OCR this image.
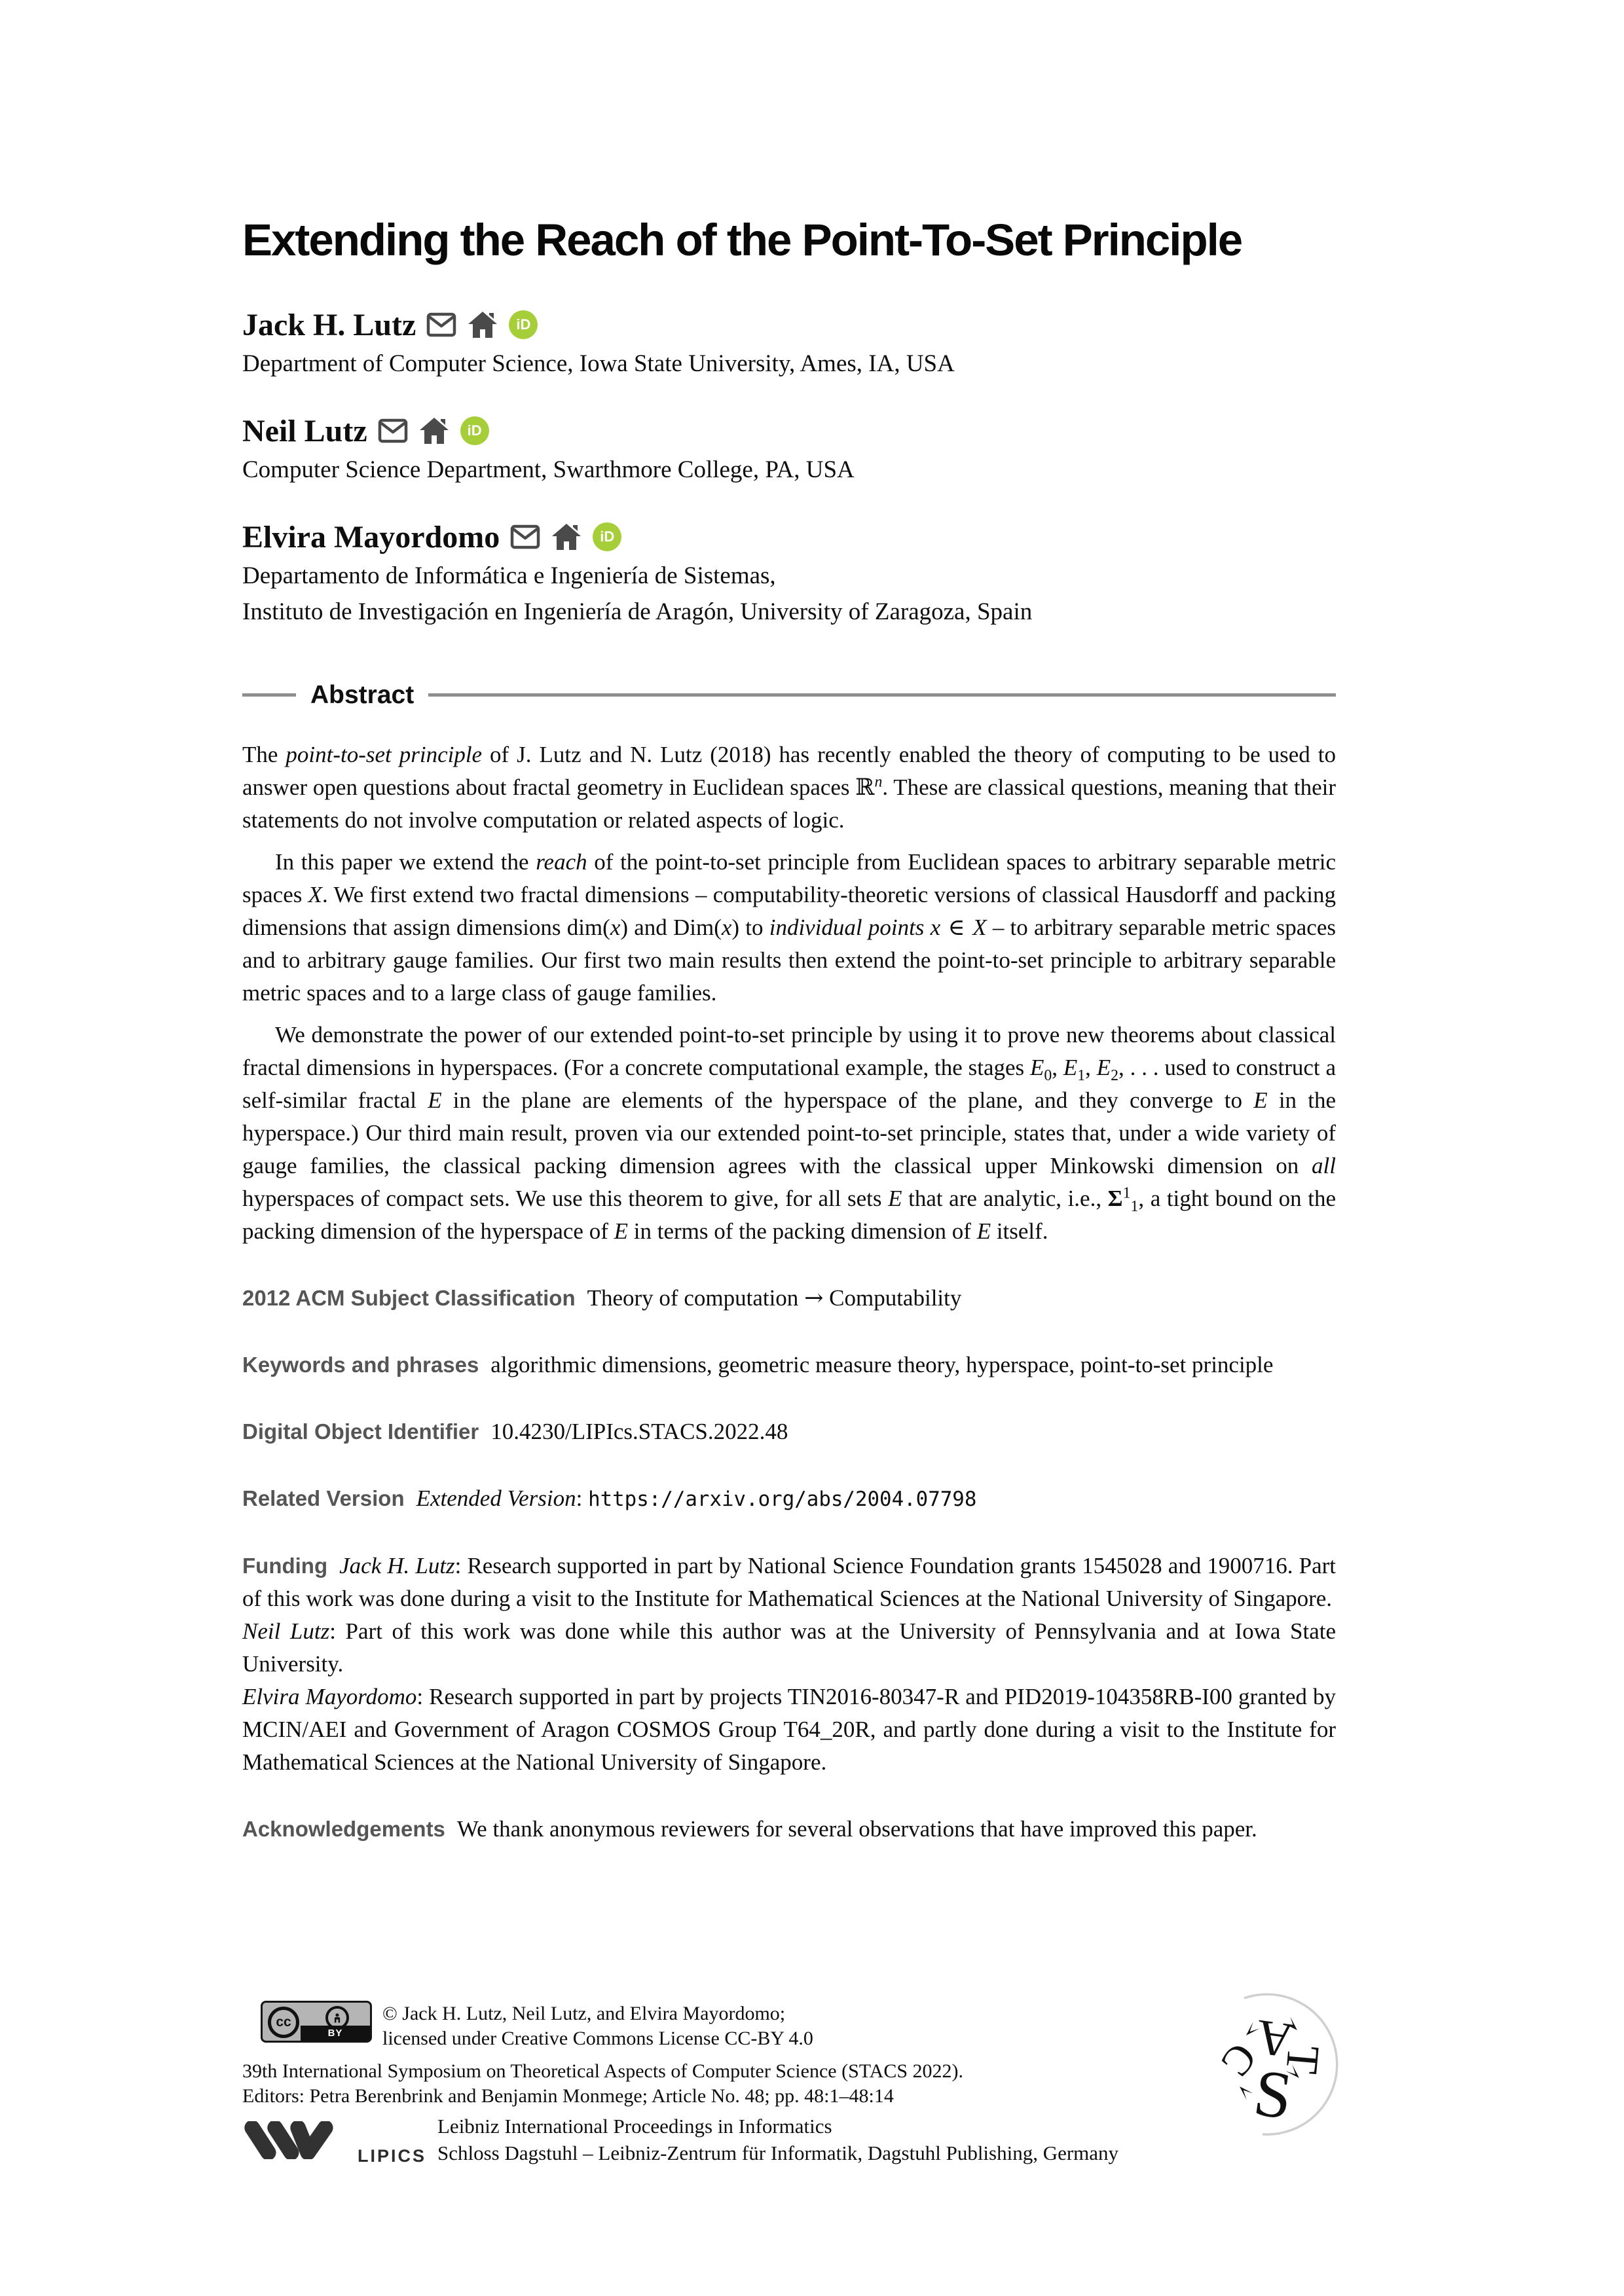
Extending the Reach of the Point-To-Set Principle
Jack H. Lutz	iD
Department of Computer Science, Iowa State University, Ames, IA, USA
Neil Lutz	iD
Computer Science Department, Swarthmore College, PA, USA
Elvira Mayordomo	iD
Departamento de Informática e Ingeniería de Sistemas,
Instituto de Investigación en Ingeniería de Aragón, University of Zaragoza, Spain
Abstract

The point-to-set principle of J. Lutz and N. Lutz (2018) has recently enabled the theory of computing to be used to answer open questions about fractal geometry in Euclidean spaces ℝ$^n$. These are classical questions, meaning that their statements do not involve computation or related aspects of logic.

In this paper we extend the reach of the point-to-set principle from Euclidean spaces to arbitrary separable metric spaces X. We first extend two fractal dimensions – computability-theoretic versions of classical Hausdorff and packing dimensions that assign dimensions dim(x) and Dim(x) to individual points x ∈ X – to arbitrary separable metric spaces and to arbitrary gauge families. Our first two main results then extend the point-to-set principle to arbitrary separable metric spaces and to a large class of gauge families.

We demonstrate the power of our extended point-to-set principle by using it to prove new theorems about classical fractal dimensions in hyperspaces. (For a concrete computational example, the stages $E_0$, $E_1$, $E_2$, . . . used to construct a self-similar fractal E in the plane are elements of the hyperspace of the plane, and they converge to E in the hyperspace.) Our third main result, proven via our extended point-to-set principle, states that, under a wide variety of gauge families, the classical packing dimension agrees with the classical upper Minkowski dimension on all hyperspaces of compact sets. We use this theorem to give, for all sets E that are analytic, i.e., $\Sigma^1_1$, a tight bound on the packing dimension of the hyperspace of E in terms of the packing dimension of E itself.

2012 ACM Subject Classification Theory of computation → Computability

Keywords and phrases algorithmic dimensions, geometric measure theory, hyperspace, point-to-set principle

Digital Object Identifier 10.4230/LIPIcs.STACS.2022.48

Related Version Extended Version: https://arxiv.org/abs/2004.07798

Funding Jack H. Lutz: Research supported in part by National Science Foundation grants 1545028 and 1900716. Part of this work was done during a visit to the Institute for Mathematical Sciences at the National University of Singapore.

Neil Lutz: Part of this work was done while this author was at the University of Pennsylvania and at Iowa State University.

Elvira Mayordomo: Research supported in part by projects TIN2016-80347-R and PID2019-104358RB-I00 granted by MCIN/AEI and Government of Aragon COSMOS Group T64_20R, and partly done during a visit to the Institute for Mathematical Sciences at the National University of Singapore.

Acknowledgements We thank anonymous reviewers for several observations that have improved this paper.

cc
BY
© Jack H. Lutz, Neil Lutz, and Elvira Mayordomo;
licensed under Creative Commons License CC-BY 4.0
39th International Symposium on Theoretical Aspects of Computer Science (STACS 2022).
Editors: Petra Berenbrink and Benjamin Monmege; Article No. 48; pp. 48:1–48:14
LIPICS
Leibniz International Proceedings in Informatics
Schloss Dagstuhl – Leibniz-Zentrum für Informatik, Dagstuhl Publishing, Germany
A
C T
S
